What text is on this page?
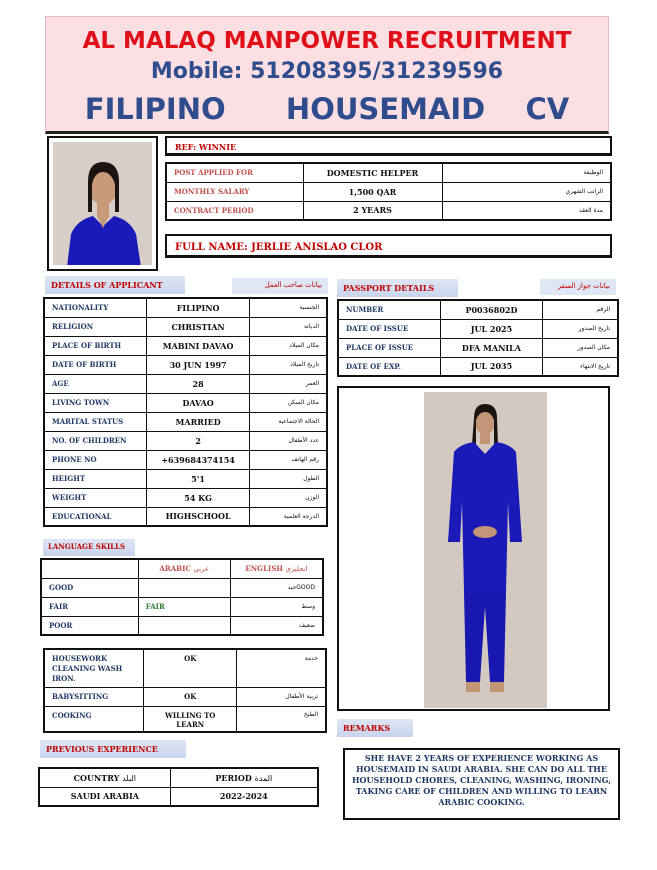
AL MALAQ MANPOWER RECRUITMENT
Mobile: 51208395/31239596
FILIPINO   HOUSEMAID  CV
REF: WINNIE
POST APPLIED FOR	DOMESTIC HELPER	الوظيفة
MONTHLY SALARY	1,500 QAR	الراتب الشهري
CONTRACT PERIOD	2 YEARS	مدة العقد
FULL NAME: JERLIE ANISLAO CLOR
DETAILS OF APPLICANT	بيانات صاحب العمل
NATIONALITY	FILIPINO	الجنسية
RELIGION	CHRISTIAN	الديانة
PLACE OF BIRTH	MABINI DAVAO	مكان الميلاد
DATE OF BIRTH	30 JUN 1997	تاريخ الميلاد
AGE	28	العمر
LIVING TOWN	DAVAO	مكان السكن
MARITAL STATUS	MARRIED	الحالة الاجتماعية
NO. OF CHILDREN	2	عدد الأطفال
PHONE NO	+639684374154	رقم الهاتف
HEIGHT	5'1	الطول
WEIGHT	54 KG	الوزن
EDUCATIONAL	HIGHSCHOOL	الدرجة العلمية
PASSPORT DETAILS	بيانات جواز السفر
NUMBER	P0036802D	الرقم
DATE OF ISSUE	JUL 2025	تاريخ الصدور
PLACE OF ISSUE	DFA MANILA	مكان الصدور
DATE OF EXP.	JUL 2035	تاريخ الانتهاء
LANGUAGE SKILLS
	ARABIC عربي	ENGLISH انجليزي
GOOD		جيدGOOD
FAIR	FAIR	وسط
POOR		ضعيف
HOUSEWORK CLEANING WASH IRON.	OK	خدمة
BABYSITTING	OK	تربية الأطفال
COOKING	WILLING TO LEARN	الطبخ
PREVIOUS EXPERIENCE
COUNTRY البلد	PERIOD المدة
SAUDI ARABIA	2022-2024
REMARKS
SHE HAVE 2 YEARS OF EXPERIENCE WORKING AS HOUSEMAID IN SAUDI ARABIA. SHE CAN DO ALL THE HOUSEHOLD CHORES, CLEANING, WASHING, IRONING, TAKING CARE OF CHILDREN AND WILLING TO LEARN ARABIC COOKING.
